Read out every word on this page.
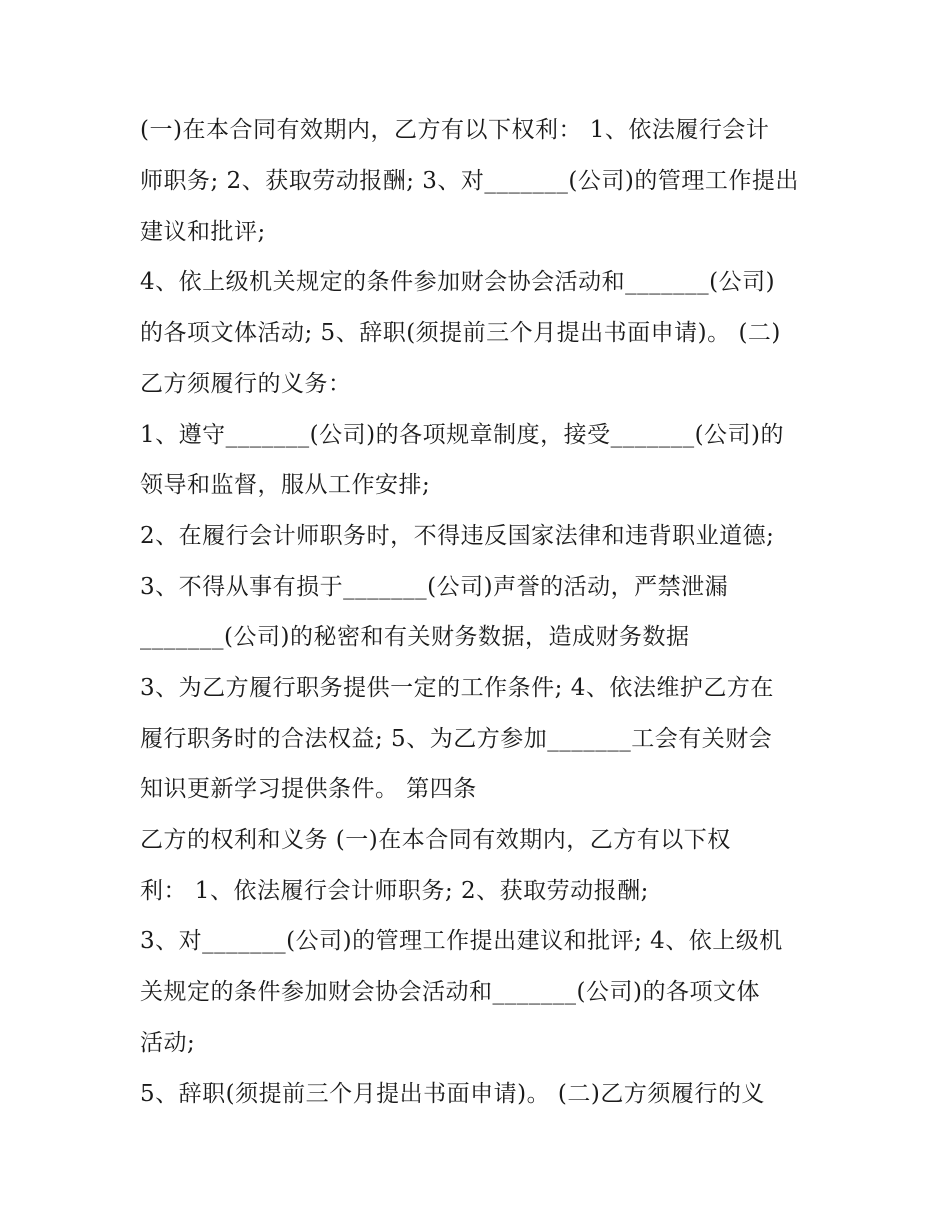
(一)在本合同有效期内，乙方有以下权利： 1、依法履行会计
师职务; 2、获取劳动报酬; 3、对_______(公司)的管理工作提出
建议和批评;
4、依上级机关规定的条件参加财会协会活动和_______(公司)
的各项文体活动; 5、辞职(须提前三个月提出书面申请)。 (二)
乙方须履行的义务：
1、遵守_______(公司)的各项规章制度，接受_______(公司)的
领导和监督，服从工作安排;
2、在履行会计师职务时，不得违反国家法律和违背职业道德;
3、不得从事有损于_______(公司)声誉的活动，严禁泄漏
_______(公司)的秘密和有关财务数据，造成财务数据
3、为乙方履行职务提供一定的工作条件; 4、依法维护乙方在
履行职务时的合法权益; 5、为乙方参加_______工会有关财会
知识更新学习提供条件。 第四条
乙方的权利和义务 (一)在本合同有效期内，乙方有以下权
利： 1、依法履行会计师职务; 2、获取劳动报酬;
3、对_______(公司)的管理工作提出建议和批评; 4、依上级机
关规定的条件参加财会协会活动和_______(公司)的各项文体
活动;
5、辞职(须提前三个月提出书面申请)。 (二)乙方须履行的义
